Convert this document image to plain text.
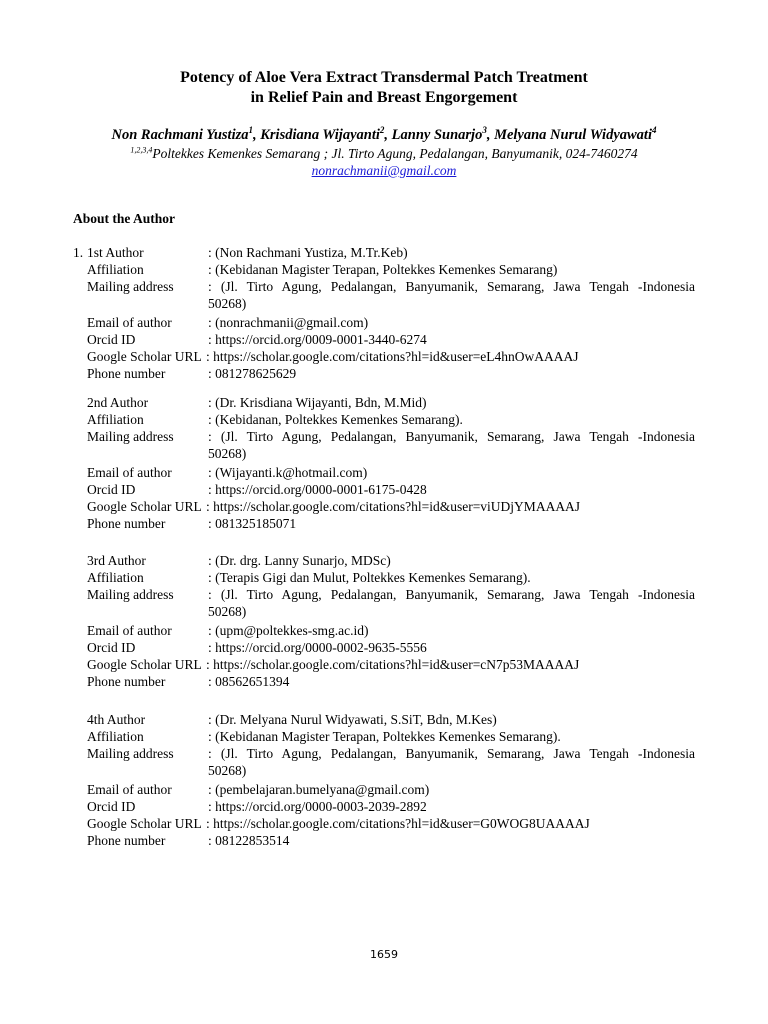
Potency of Aloe Vera Extract Transdermal Patch Treatment
in Relief Pain and Breast Engorgement
Non Rachmani Yustiza$^1$, Krisdiana Wijayanti$^2$, Lanny Sunarjo$^3$, Melyana Nurul Widyawati$^4$
$^{1,2,3,4}$Poltekkes Kemenkes Semarang ; Jl. Tirto Agung, Pedalangan, Banyumanik, 024-7460274
nonrachmanii@gmail.com
About the Author
1. 1st Author	: (Non Rachmani Yustiza, M.Tr.Keb)
Affiliation	: (Kebidanan Magister Terapan, Poltekkes Kemenkes Semarang)
Mailing address	: (Jl. Tirto Agung, Pedalangan, Banyumanik, Semarang, Jawa Tengah -Indonesia
50268)
Email of author	: (nonrachmanii@gmail.com)
Orcid ID	: https://orcid.org/0009-0001-3440-6274
Google Scholar URL : https://scholar.google.com/citations?hl=id&user=eL4hnOwAAAAJ
Phone number	: 081278625629
2nd Author	: (Dr. Krisdiana Wijayanti, Bdn, M.Mid)
Affiliation	: (Kebidanan, Poltekkes Kemenkes Semarang).
Mailing address	: (Jl. Tirto Agung, Pedalangan, Banyumanik, Semarang, Jawa Tengah -Indonesia
50268)
Email of author	: (Wijayanti.k@hotmail.com)
Orcid ID	: https://orcid.org/0000-0001-6175-0428
Google Scholar URL : https://scholar.google.com/citations?hl=id&user=viUDjYMAAAAJ
Phone number	: 081325185071
3rd Author	: (Dr. drg. Lanny Sunarjo, MDSc)
Affiliation	: (Terapis Gigi dan Mulut, Poltekkes Kemenkes Semarang).
Mailing address	: (Jl. Tirto Agung, Pedalangan, Banyumanik, Semarang, Jawa Tengah -Indonesia
50268)
Email of author	: (upm@poltekkes-smg.ac.id)
Orcid ID	: https://orcid.org/0000-0002-9635-5556
Google Scholar URL : https://scholar.google.com/citations?hl=id&user=cN7p53MAAAAJ
Phone number	: 08562651394
4th Author	: (Dr. Melyana Nurul Widyawati, S.SiT, Bdn, M.Kes)
Affiliation	: (Kebidanan Magister Terapan, Poltekkes Kemenkes Semarang).
Mailing address	: (Jl. Tirto Agung, Pedalangan, Banyumanik, Semarang, Jawa Tengah -Indonesia
50268)
Email of author	: (pembelajaran.bumelyana@gmail.com)
Orcid ID	: https://orcid.org/0000-0003-2039-2892
Google Scholar URL : https://scholar.google.com/citations?hl=id&user=G0WOG8UAAAAJ
Phone number	: 08122853514
1659
